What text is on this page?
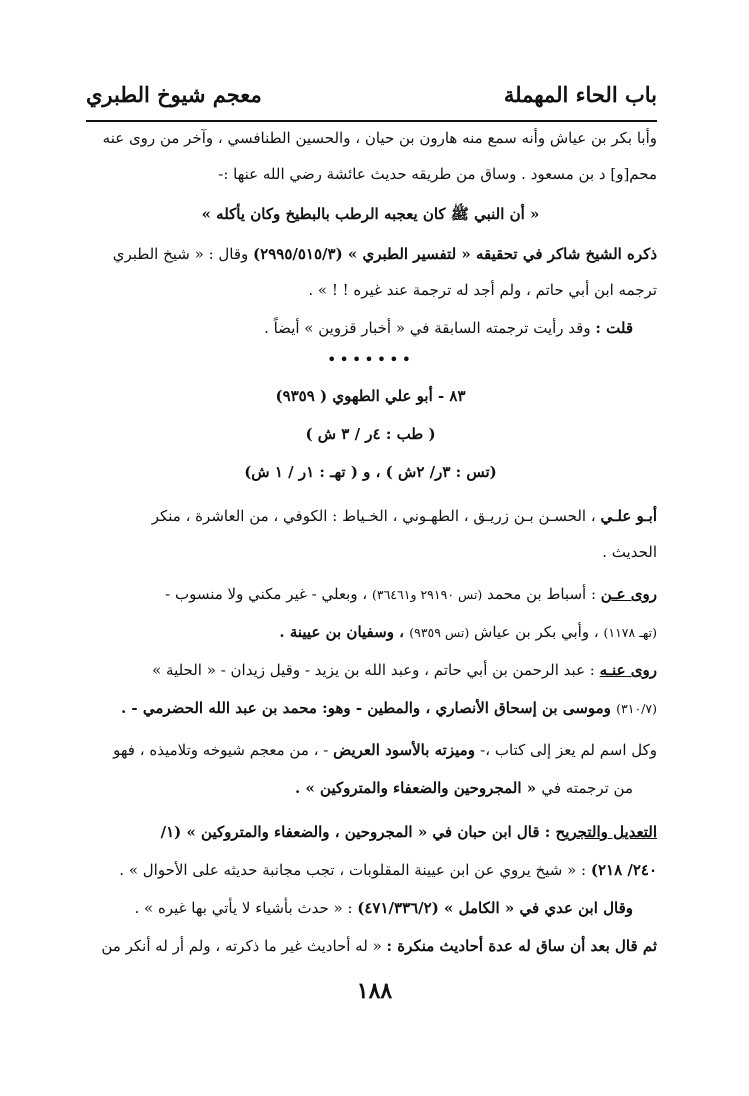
باب الحاء المهملة
معجم شيوخ الطبري
وأبا بكر بن عياش وأنه سمع منه هارون بن حيان ، والحسين الطنافسي ، وآخر من روى عنه
محم[و] د بن مسعود . وساق من طريقه حديث عائشة رضي الله عنها :-
« أن النبي ﷺ كان يعجبه الرطب بالبطيخ وكان يأكله »
ذكره الشيخ شاكر في تحقيقه « لتفسير الطبري » (٢٩٩٥/٥١٥/٣) وقال : « شيخ الطبري
ترجمه ابن أبي حاتم ، ولم أجد له ترجمة عند غيره ! ! » .
قلت : وقد رأيت ترجمته السابقة في « أخبار قزوين » أيضاً .
•••••••
٨٣ - أبو علي الطهوي ( ٩٣٥٩)
( طب : ٤ر / ٣ ش )
(تس : ٣ر/ ٢ش ) ، و ( تهـ : ١ر / ١ ش)
أبـو علـي ، الحسـن بـن زريـق ، الطهـوني ، الخـياط : الكوفي ، من العاشرة ، منكر
الحديث .
روى عـن : أسباط بن محمد (تس ٢٩١٩٠ و٣٦٤٦١) ، وبعلي - غير مكني ولا منسوب -
(تهـ ١١٧٨) ، وأبي بكر بن عياش (تس ٩٣٥٩) ، وسفيان بن عيينة .
روى عنـه : عبد الرحمن بن أبي حاتم ، وعبد الله بن يزيد - وقيل زيدان - « الحلية »
(٣١٠/٧) وموسى بن إسحاق الأنصاري ، والمطين - وهو: محمد بن عبد الله الحضرمي - .
وكل اسم لم يعز إلى كتاب ،- وميزته بالأسود العريض - ، من معجم شيوخه وتلاميذه ، فهو
من ترجمته في « المجروحين والضعفاء والمتروكين » .
التعديل والتجريح : قال ابن حبان في « المجروحين ، والضعفاء والمتروكين » (١/
٢٤٠/ ٢١٨) : « شيخ يروي عن ابن عيينة المقلوبات ، تجب مجانبة حديثه على الأحوال » .
وقال ابن عدي في « الكامل » (٤٧١/٣٣٦/٢) : « حدث بأشياء لا يأتي بها غيره » .
ثم قال بعد أن ساق له عدة أحاديث منكرة : « له أحاديث غير ما ذكرته ، ولم أر له أنكر من
١٨٨
